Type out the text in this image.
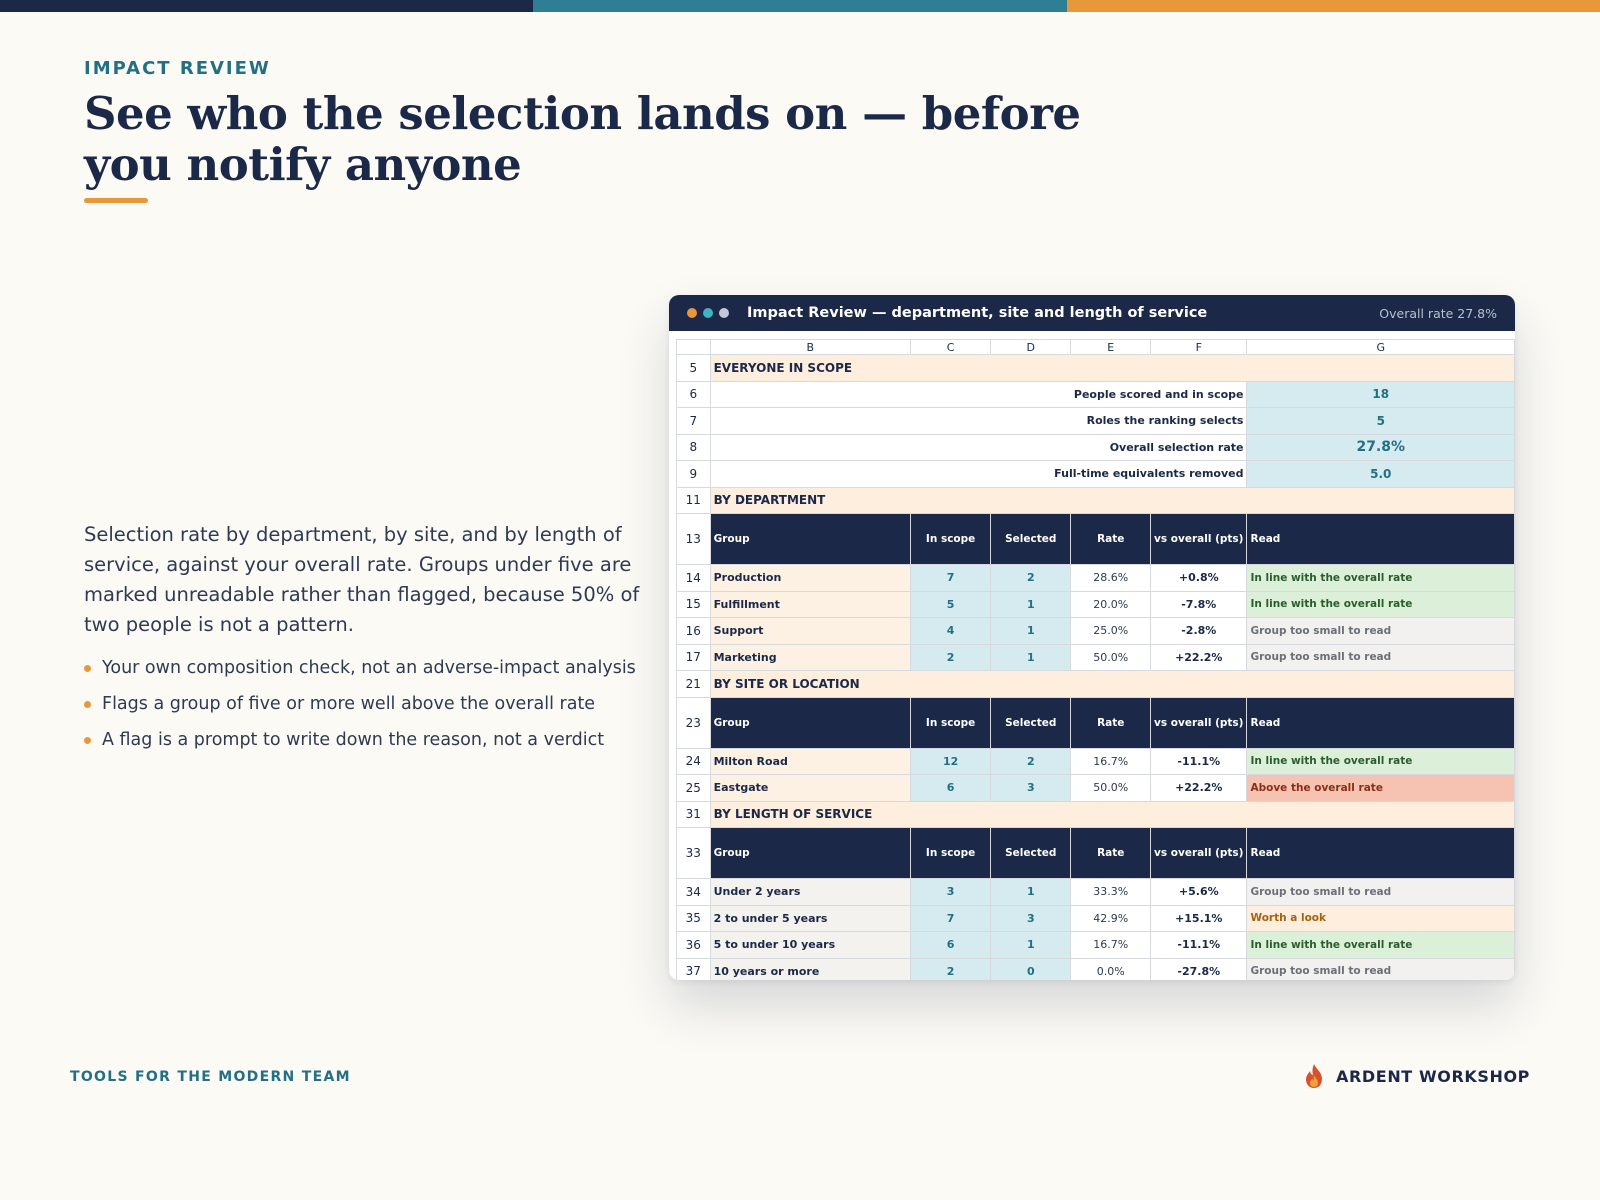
IMPACT REVIEW
See who the selection lands on — before you notify anyone

Selection rate by department, by site, and by length of service, against your overall rate. Groups under five are marked unreadable rather than flagged, because 50% of two people is not a pattern.

Your own composition check, not an adverse-impact analysis
Flags a group of five or more well above the overall rate
A flag is a prompt to write down the reason, not a verdict
Impact Review — department, site and length of service	Overall rate 27.8%
	B	C	D	E	F	G
5	EVERYONE IN SCOPE					
6	People scored and in scope					18
7	Roles the ranking selects					5
8	Overall selection rate					27.8%
9	Full-time equivalents removed					5.0
11	BY DEPARTMENT					
13	Group	In scope	Selected	Rate	vs overall (pts)	Read
14	Production	7	2	28.6%	+0.8%	In line with the overall rate
15	Fulfillment	5	1	20.0%	-7.8%	In line with the overall rate
16	Support	4	1	25.0%	-2.8%	Group too small to read
17	Marketing	2	1	50.0%	+22.2%	Group too small to read
21	BY SITE OR LOCATION					
23	Group	In scope	Selected	Rate	vs overall (pts)	Read
24	Milton Road	12	2	16.7%	-11.1%	In line with the overall rate
25	Eastgate	6	3	50.0%	+22.2%	Above the overall rate
31	BY LENGTH OF SERVICE					
33	Group	In scope	Selected	Rate	vs overall (pts)	Read
34	Under 2 years	3	1	33.3%	+5.6%	Group too small to read
35	2 to under 5 years	7	3	42.9%	+15.1%	Worth a look
36	5 to under 10 years	6	1	16.7%	-11.1%	In line with the overall rate
37	10 years or more	2	0	0.0%	-27.8%	Group too small to read
TOOLS FOR THE MODERN TEAM	ARDENT WORKSHOP
